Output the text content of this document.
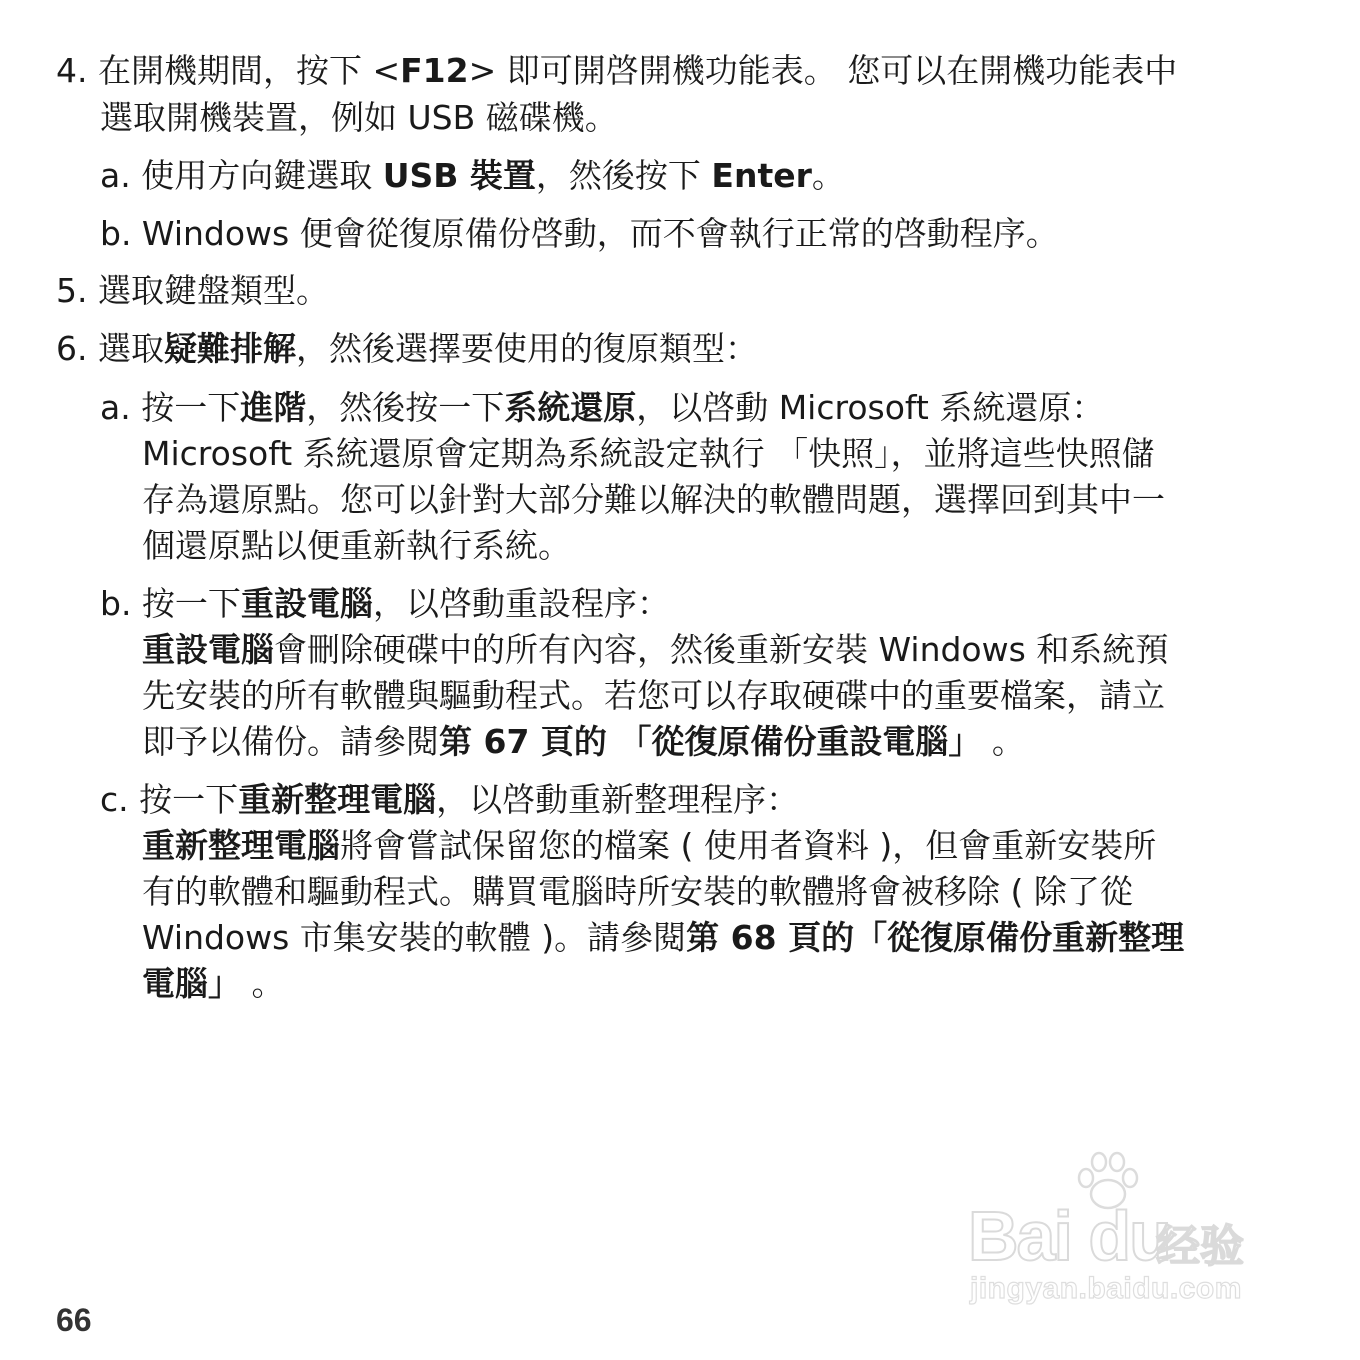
4. 在開機期間，按下 <F12> 即可開啓開機功能表。 您可以在開機功能表中
選取開機裝置，例如 USB 磁碟機。
a. 使用方向鍵選取 USB 裝置，然後按下 Enter。
b. Windows 便會從復原備份啓動，而不會執行正常的啓動程序。
5. 選取鍵盤類型。
6. 選取疑難排解，然後選擇要使用的復原類型：
a. 按一下進階，然後按一下系統還原，以啓動 Microsoft 系統還原：
Microsoft 系統還原會定期為系統設定執行 「快照」，並將這些快照儲
存為還原點。您可以針對大部分難以解決的軟體問題，選擇回到其中一
個還原點以便重新執行系統。
b. 按一下重設電腦，以啓動重設程序：
重設電腦會刪除硬碟中的所有內容，然後重新安裝 Windows 和系統預
先安裝的所有軟體與驅動程式。若您可以存取硬碟中的重要檔案，請立
即予以備份。請參閱第 67 頁的 「從復原備份重設電腦」 。
c. 按一下重新整理電腦，以啓動重新整理程序：
重新整理電腦將會嘗試保留您的檔案 ( 使用者資料 )，但會重新安裝所
有的軟體和驅動程式。購買電腦時所安裝的軟體將會被移除 ( 除了從
Windows 市集安裝的軟體 )。請參閱第 68 頁的「從復原備份重新整理
電腦」 。
Bai du
经验
jingyan.baidu.com
66
